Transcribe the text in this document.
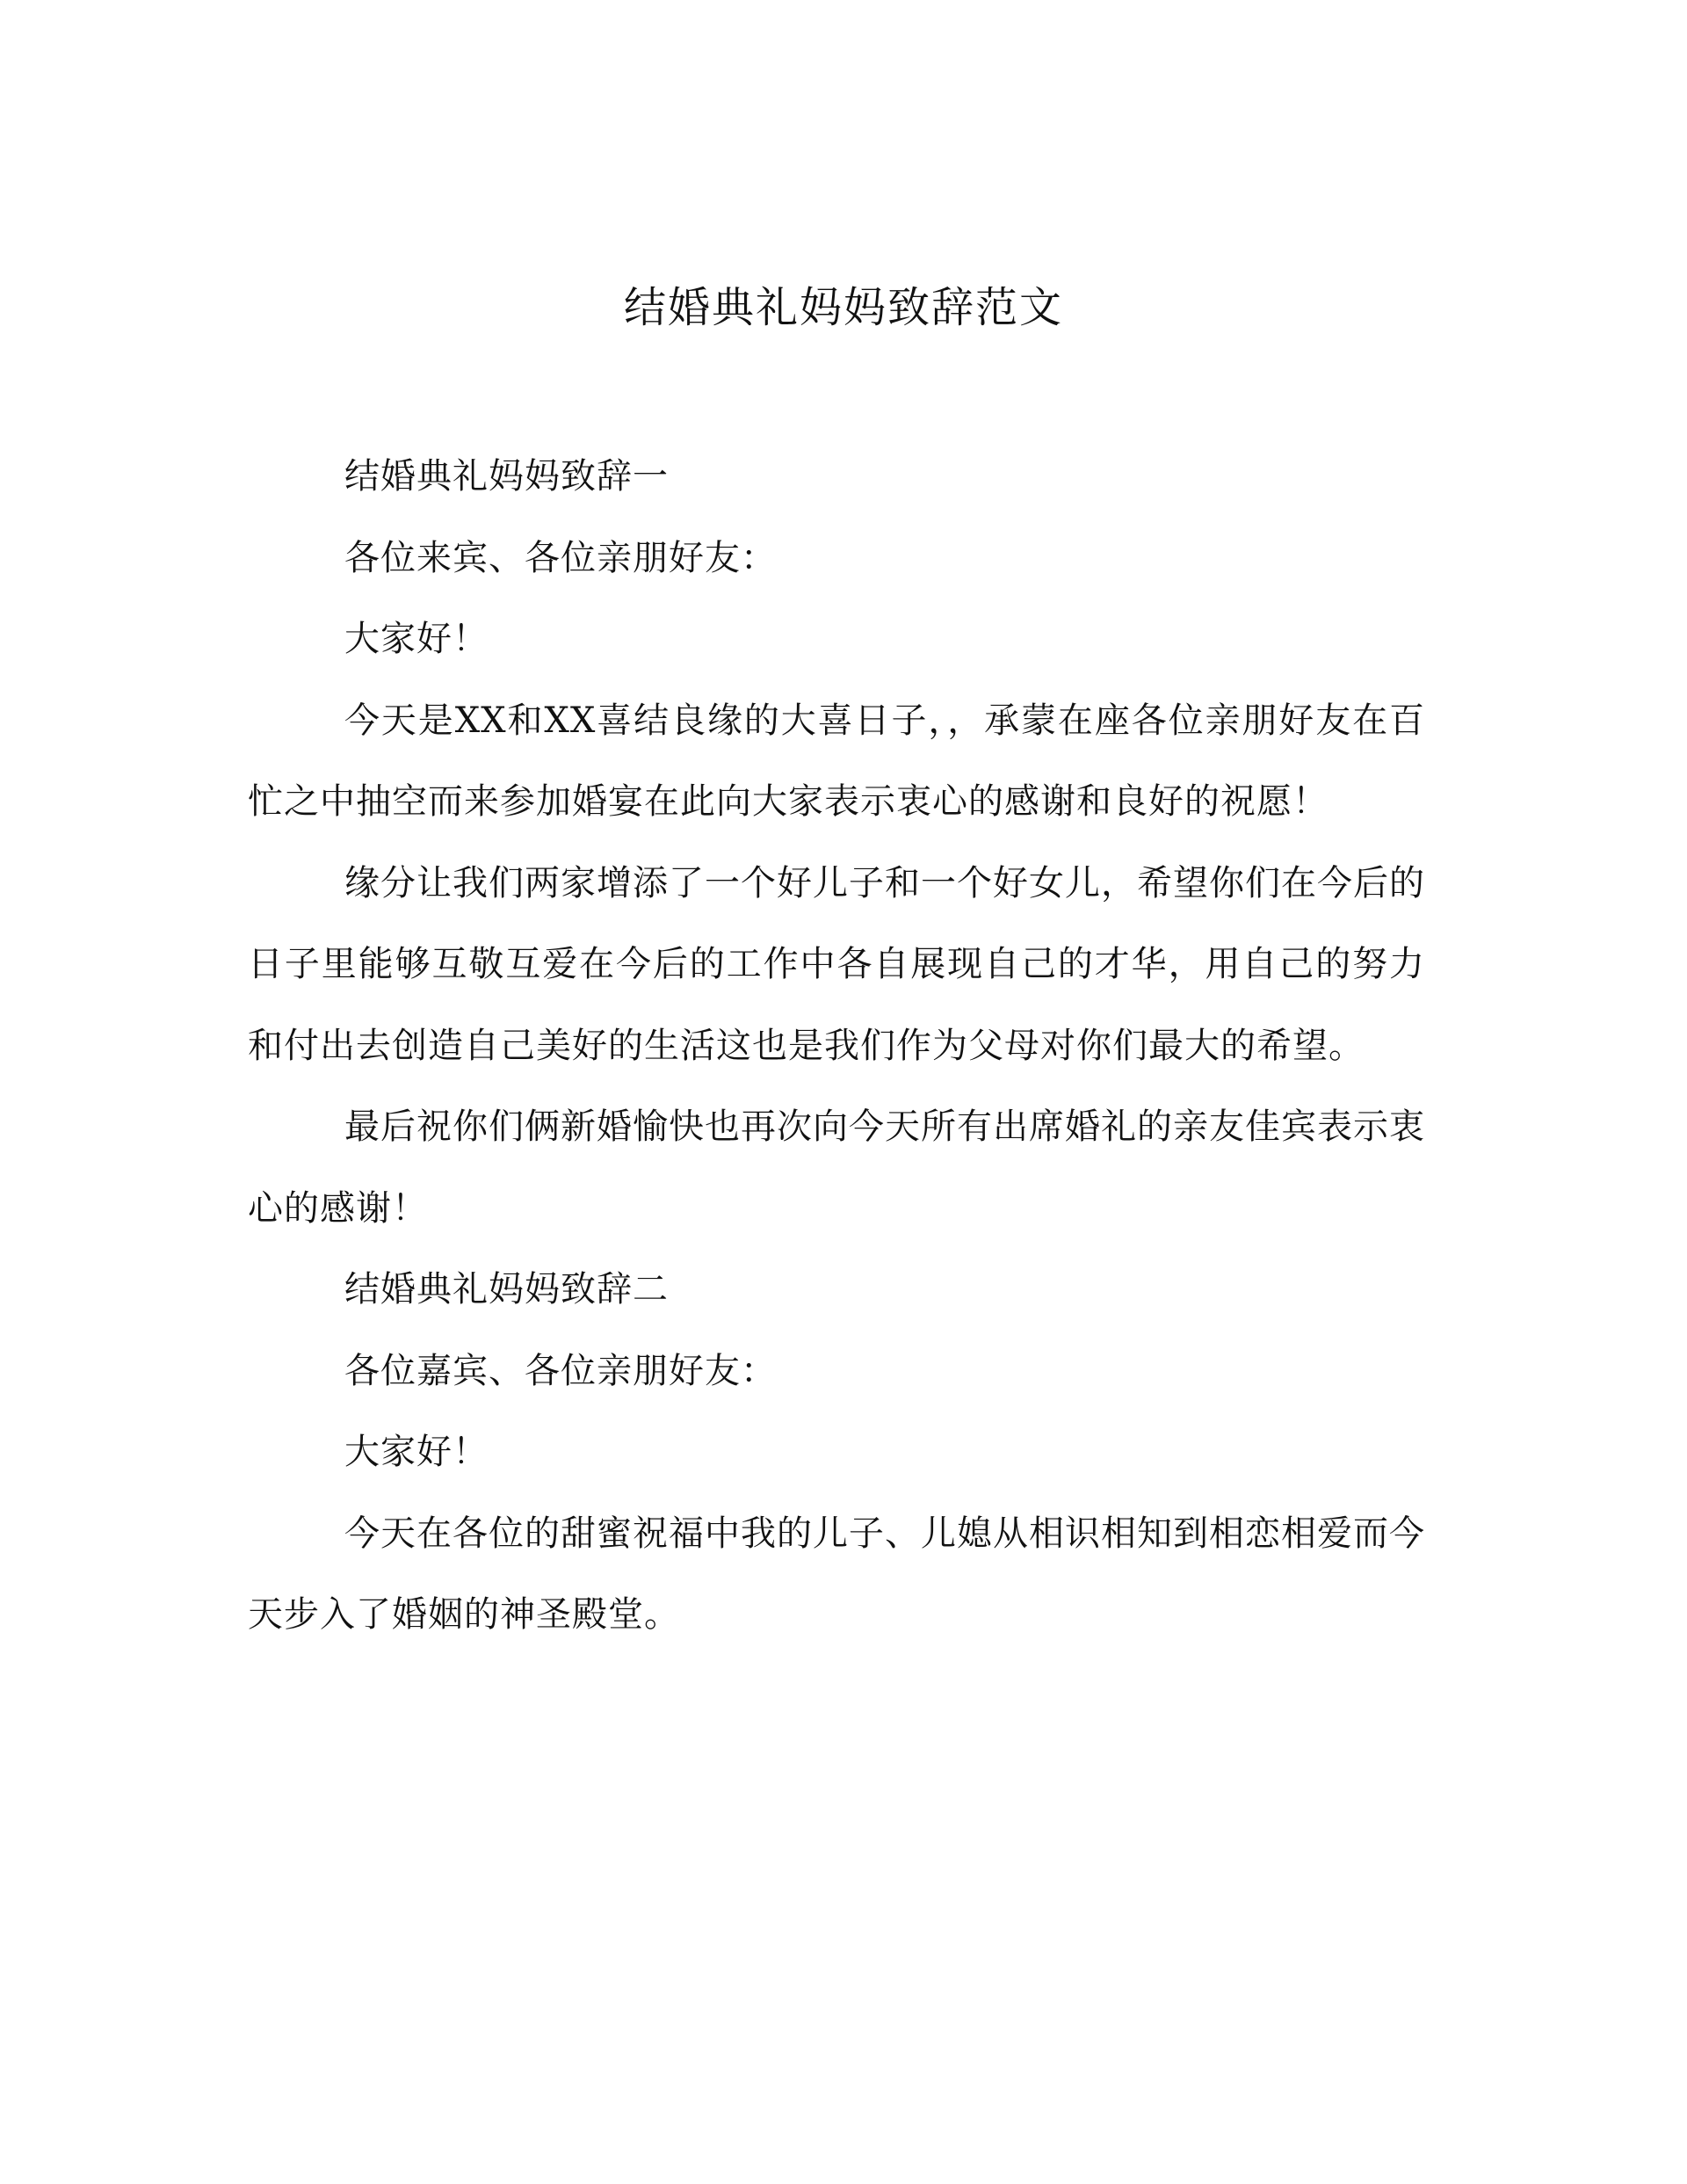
结婚典礼妈妈致辞范文

结婚典礼妈妈致辞一

各位来宾、各位亲朋好友：

大家好！

今天是XX和XX喜结良缘的大喜日子，，承蒙在座各位亲朋好友在百忙之中抽空而来参加婚宴在此向大家表示衷心的感谢和良好的祝愿！

缘分让我们两家增添了一个好儿子和一个好女儿，希望你们在今后的日子里能够互敬互爱在今后的工作中各自展现自己的才华，用自己的努力和付出去创造自己美好的生活这也是我们作为父母对你们最大的希望。

最后祝你们俩新婚愉快也再次向今天所有出席婚礼的亲友佳宾表示衷心的感谢！

结婚典礼妈妈致辞二

各位嘉宾、各位亲朋好友：

大家好！

今天在各位的甜蜜祝福中我的儿子、儿媳从相识相知到相恋相爱而今天步入了婚姻的神圣殿堂。
